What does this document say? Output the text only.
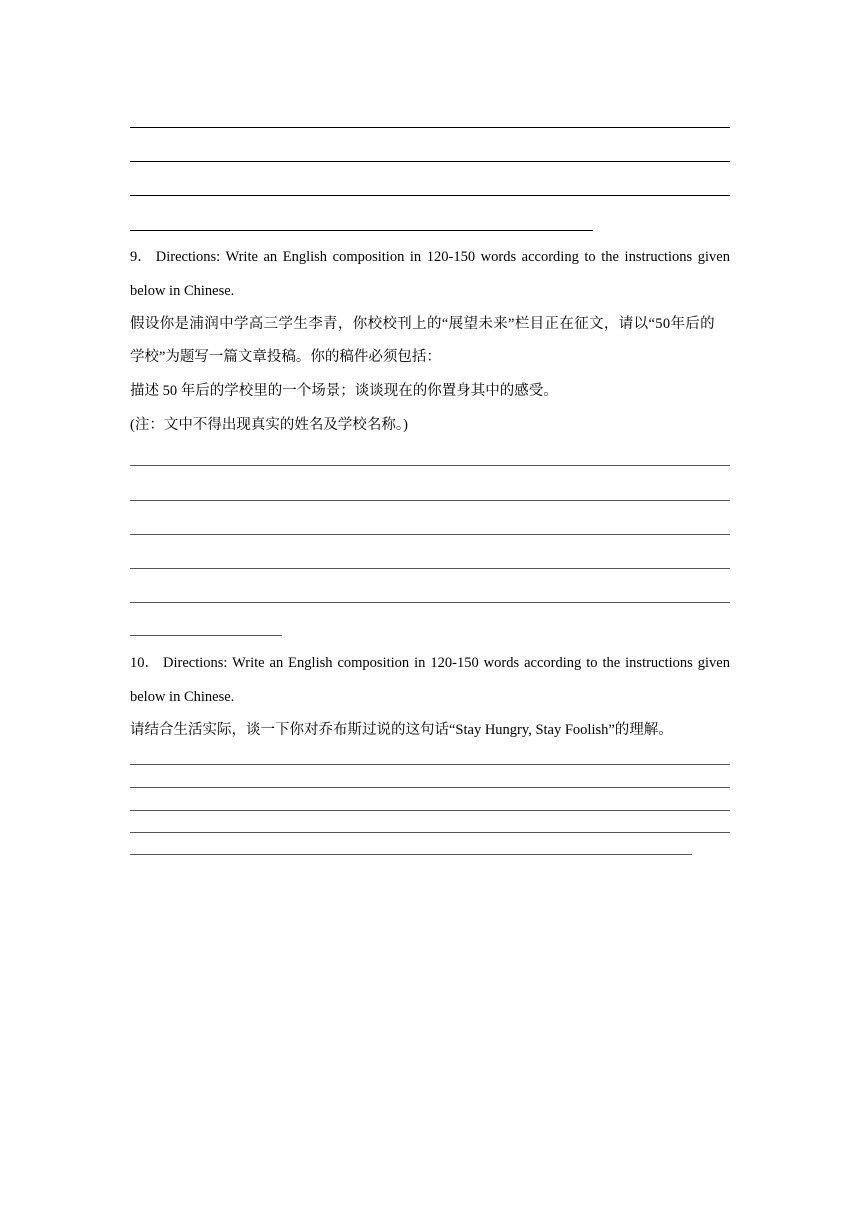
9． Directions: Write an English composition in 120-150 words according to the instructions given
below in Chinese.
假设你是浦润中学高三学生李青，你校校刊上的“展望未来”栏目正在征文，请以“50年后的
学校”为题写一篇文章投稿。你的稿件必须包括：
描述 50 年后的学校里的一个场景；谈谈现在的你置身其中的感受。
(注：文中不得出现真实的姓名及学校名称。)
10． Directions: Write an English composition in 120-150 words according to the instructions given
below in Chinese.
请结合生活实际，谈一下你对乔布斯过说的这句话“Stay Hungry, Stay Foolish”的理解。
